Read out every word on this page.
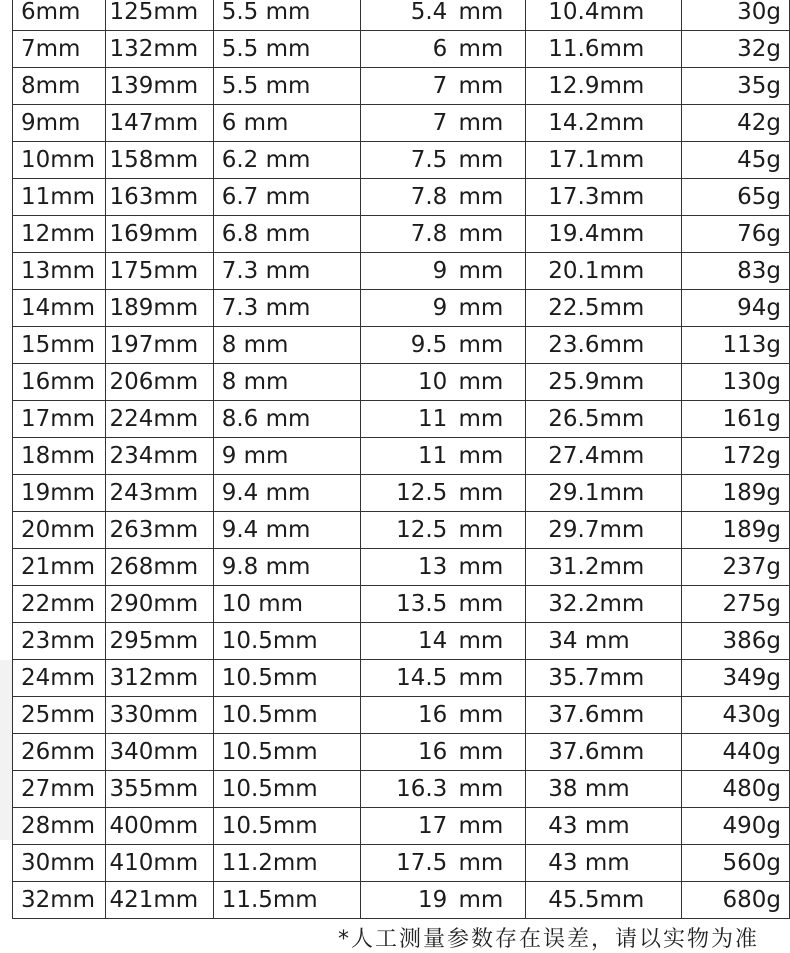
6mm	125mm	5.5 mm	5.4 mm	10.4mm	30g
7mm	132mm	5.5 mm	6 mm	11.6mm	32g
8mm	139mm	5.5 mm	7 mm	12.9mm	35g
9mm	147mm	6 mm	7 mm	14.2mm	42g
10mm	158mm	6.2 mm	7.5 mm	17.1mm	45g
11mm	163mm	6.7 mm	7.8 mm	17.3mm	65g
12mm	169mm	6.8 mm	7.8 mm	19.4mm	76g
13mm	175mm	7.3 mm	9 mm	20.1mm	83g
14mm	189mm	7.3 mm	9 mm	22.5mm	94g
15mm	197mm	8 mm	9.5 mm	23.6mm	113g
16mm	206mm	8 mm	10 mm	25.9mm	130g
17mm	224mm	8.6 mm	11 mm	26.5mm	161g
18mm	234mm	9 mm	11 mm	27.4mm	172g
19mm	243mm	9.4 mm	12.5 mm	29.1mm	189g
20mm	263mm	9.4 mm	12.5 mm	29.7mm	189g
21mm	268mm	9.8 mm	13 mm	31.2mm	237g
22mm	290mm	10 mm	13.5 mm	32.2mm	275g
23mm	295mm	10.5mm	14 mm	34 mm	386g
24mm	312mm	10.5mm	14.5 mm	35.7mm	349g
25mm	330mm	10.5mm	16 mm	37.6mm	430g
26mm	340mm	10.5mm	16 mm	37.6mm	440g
27mm	355mm	10.5mm	16.3 mm	38 mm	480g
28mm	400mm	10.5mm	17 mm	43 mm	490g
30mm	410mm	11.2mm	17.5 mm	43 mm	560g
32mm	421mm	11.5mm	19 mm	45.5mm	680g
*人工测量参数存在误差，请以实物为准
